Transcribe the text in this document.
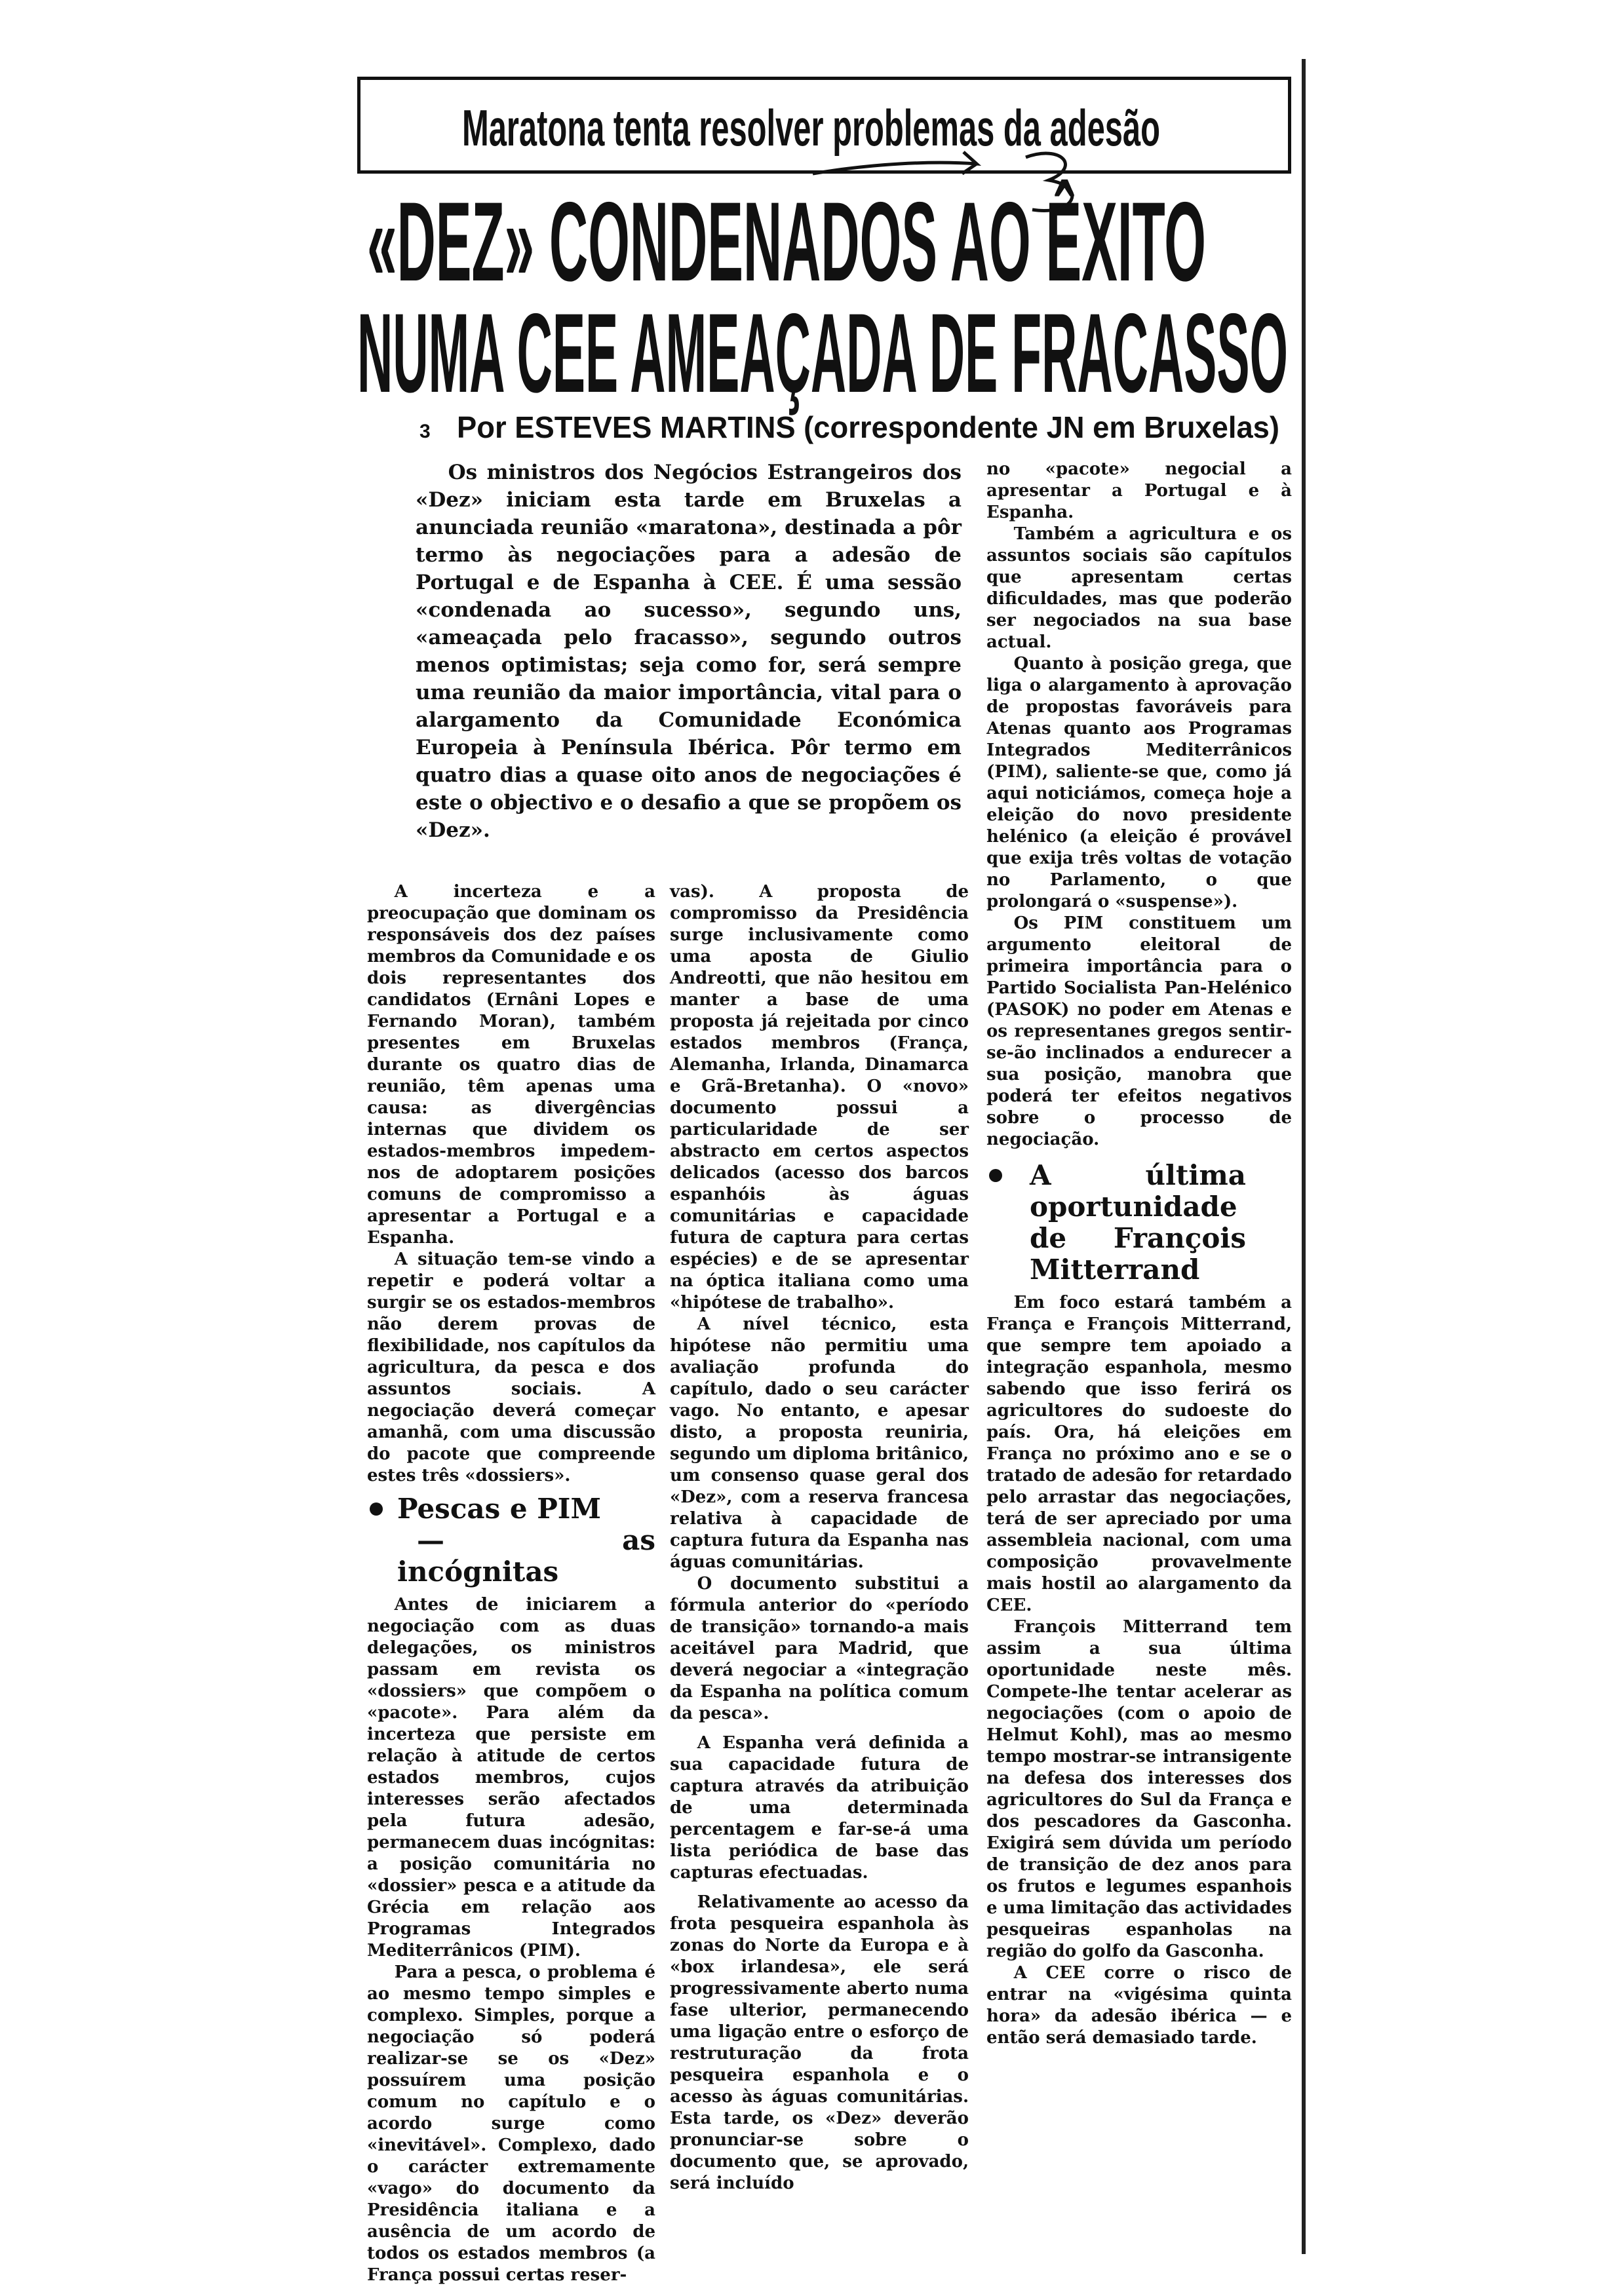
Maratona tenta resolver problemas da adesão
«DEZ» CONDENADOS AO ÊXITO
NUMA CEE AMEAÇADA DE FRACASSO
Por ESTEVES MARTINS (correspondente JN em Bruxelas)
3

Os ministros dos Negócios Estrangeiros dos «Dez» iniciam esta tarde em Bruxelas a anunciada reunião «maratona», destinada a pôr termo às negociações para a adesão de Portugal e de Espanha à CEE. É uma sessão «condenada ao sucesso», segundo uns, «ameaçada pelo fracasso», segundo outros menos optimistas; seja como for, será sempre uma reunião da maior importância, vital para o alargamento da Comunidade Económica Europeia à Península Ibérica. Pôr termo em quatro dias a quase oito anos de negociações é este o objectivo e o desafio a que se propõem os «Dez».

A incerteza e a preocupação que dominam os responsáveis dos dez países membros da Comunidade e os dois representantes dos candidatos (Ernâni Lopes e Fernando Moran), também presentes em Bruxelas durante os quatro dias de reunião, têm apenas uma causa: as divergências internas que dividem os estados-membros impedem-nos de adoptarem posições comuns de compromisso a apresentar a Portugal e a Espanha.

A situação tem-se vindo a repetir e poderá voltar a surgir se os estados-membros não derem provas de flexibilidade, nos capítulos da agricultura, da pesca e dos assuntos sociais. A negociação deverá começar amanhã, com uma discussão do pacote que compreende estes três «dossiers».

Pescas e PIM
— as incógnitas

Antes de iniciarem a negociação com as duas delegações, os ministros passam em revista os «dossiers» que compõem o «pacote». Para além da incerteza que persiste em relação à atitude de certos estados membros, cujos interesses serão afectados pela futura adesão, permanecem duas incógnitas: a posição comunitária no «dossier» pesca e a atitude da Grécia em relação aos Programas Integrados Mediterrânicos (PIM).

Para a pesca, o problema é ao mesmo tempo simples e complexo. Simples, porque a negociação só poderá realizar-se se os «Dez» possuírem uma posição comum no capítulo e o acordo surge como «inevitável». Complexo, dado o carácter extremamente «vago» do documento da Presidência italiana e a ausência de um acordo de todos os estados membros (a França possui certas reser-

vas). A proposta de compromisso da Presidência surge inclusivamente como uma aposta de Giulio Andreotti, que não hesitou em manter a base de uma proposta já rejeitada por cinco estados membros (França, Alemanha, Irlanda, Dinamarca e Grã-Bretanha). O «novo» documento possui a particularidade de ser abstracto em certos aspectos delicados (acesso dos barcos espanhóis às águas comunitárias e capacidade futura de captura para certas espécies) e de se apresentar na óptica italiana como uma «hipótese de trabalho».

A nível técnico, esta hipótese não permitiu uma avaliação profunda do capítulo, dado o seu carácter vago. No entanto, e apesar disto, a proposta reuniria, segundo um diploma britânico, um consenso quase geral dos «Dez», com a reserva francesa relativa à capacidade de captura futura da Espanha nas águas comunitárias.

O documento substitui a fórmula anterior do «período de transição» tornando-a mais aceitável para Madrid, que deverá negociar a «integração da Espanha na política comum da pesca».

A Espanha verá definida a sua capacidade futura de captura através da atribuição de uma determinada percentagem e far-se-á uma lista periódica de base das capturas efectuadas.

Relativamente ao acesso da frota pesqueira espanhola às zonas do Norte da Europa e à «box irlandesa», ele será progressivamente aberto numa fase ulterior, permanecendo uma ligação entre o esforço de restruturação da frota pesqueira espanhola e o acesso às águas comunitárias. Esta tarde, os «Dez» deverão pronunciar-se sobre o documento que, se aprovado, será incluído

no «pacote» negocial a apresentar a Portugal e à Espanha.

Também a agricultura e os assuntos sociais são capítulos que apresentam certas dificuldades, mas que poderão ser negociados na sua base actual.

Quanto à posição grega, que liga o alargamento à aprovação de propostas favoráveis para Atenas quanto aos Programas Integrados Mediterrânicos (PIM), saliente-se que, como já aqui noticiámos, começa hoje a eleição do novo presidente helénico (a eleição é provável que exija três voltas de votação no Parlamento, o que prolongará o «suspense»).

Os PIM constituem um argumento eleitoral de primeira importância para o Partido Socialista Pan-Helénico (PASOK) no poder em Atenas e os representanes gregos sentir-se-ão inclinados a endurecer a sua posição, manobra que poderá ter efeitos negativos sobre o processo de negociação.

A última oportunidade de François Mitterrand

Em foco estará também a França e François Mitterrand, que sempre tem apoiado a integração espanhola, mesmo sabendo que isso ferirá os agricultores do sudoeste do país. Ora, há eleições em França no próximo ano e se o tratado de adesão for retardado pelo arrastar das negociações, terá de ser apreciado por uma assembleia nacional, com uma composição provavelmente mais hostil ao alargamento da CEE.

François Mitterrand tem assim a sua última oportunidade neste mês. Compete-lhe tentar acelerar as negociações (com o apoio de Helmut Kohl), mas ao mesmo tempo mostrar-se intransigente na defesa dos interesses dos agricultores do Sul da França e dos pescadores da Gasconha. Exigirá sem dúvida um período de transição de dez anos para os frutos e legumes espanhois e uma limitação das actividades pesqueiras espanholas na região do golfo da Gasconha.

A CEE corre o risco de entrar na «vigésima quinta hora» da adesão ibérica — e então será demasiado tarde.
